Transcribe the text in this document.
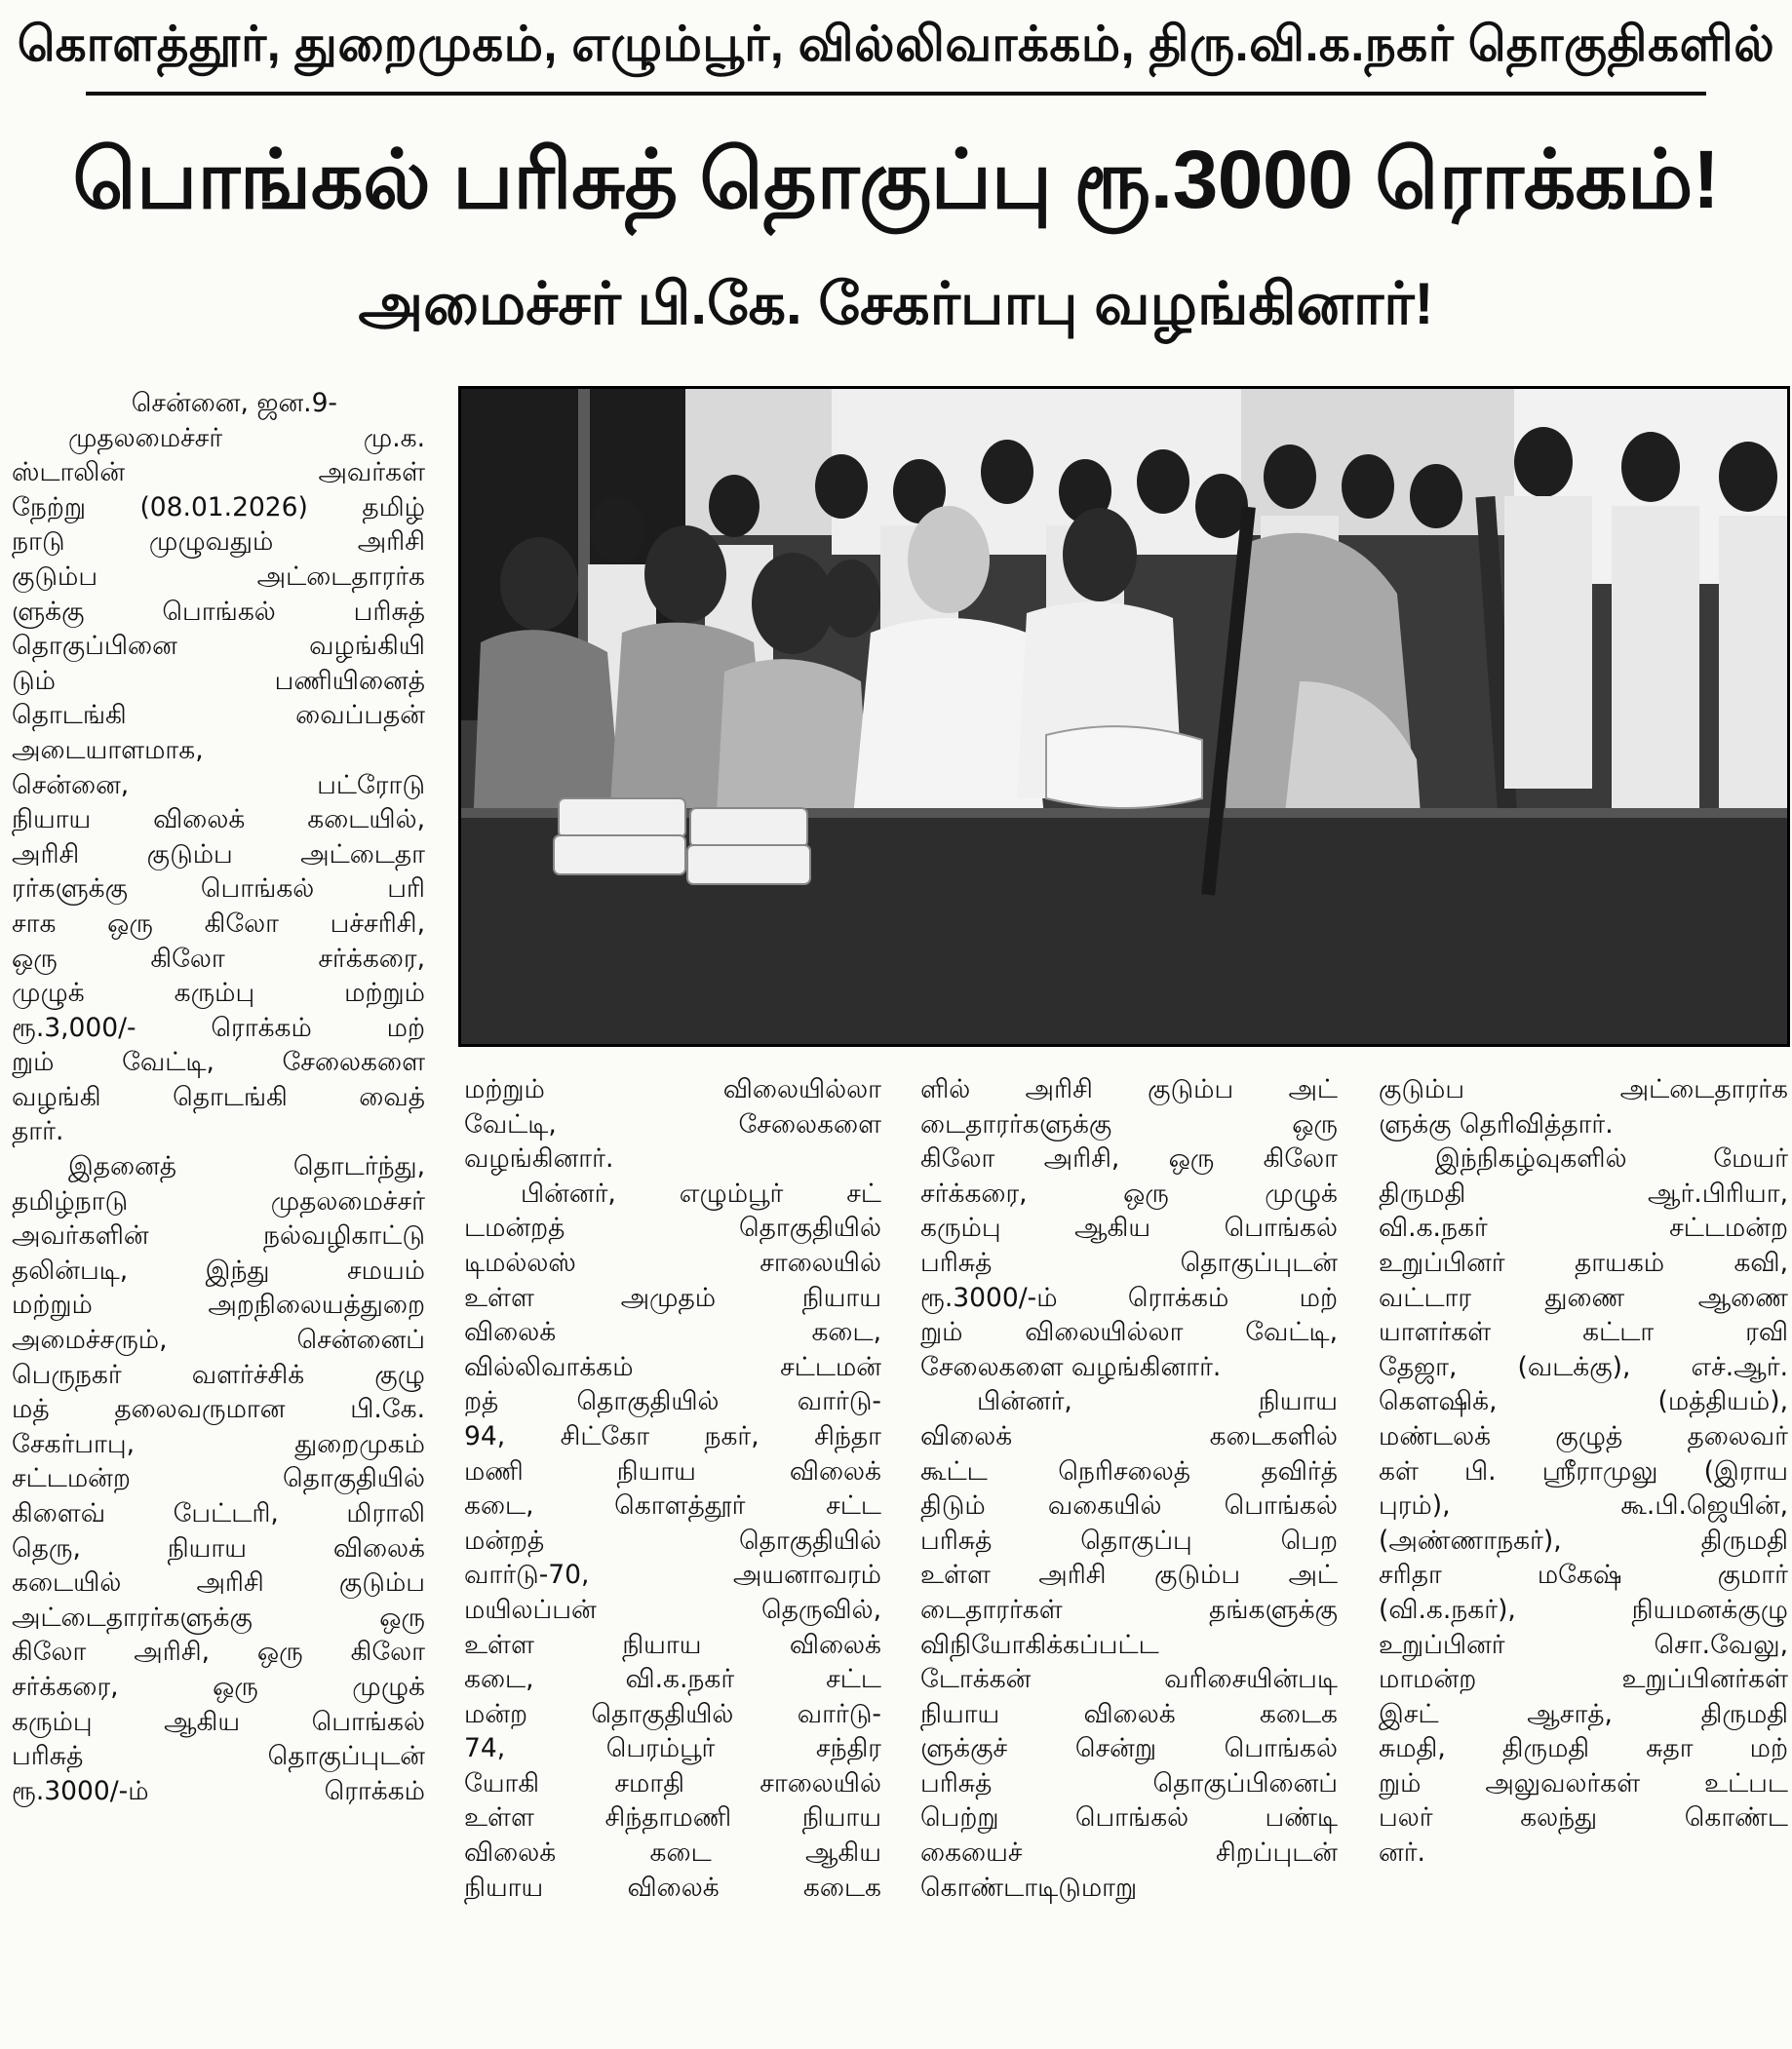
கொளத்தூர், துறைமுகம், எழும்பூர், வில்லிவாக்கம், திரு.வி.க.நகர் தொகுதிகளில்
பொங்கல் பரிசுத் தொகுப்பு ரூ.3000 ரொக்கம்!
அமைச்சர் பி.கே. சேகர்பாபு வழங்கினார்!
சென்னை, ஜன.9-
முதலமைச்சர் மு.க.
ஸ்டாலின் அவர்கள்
நேற்று (08.01.2026) தமிழ்
நாடு முழுவதும் அரிசி
குடும்ப அட்டைதாரர்க
ளுக்கு பொங்கல் பரிசுத்
தொகுப்பினை வழங்கியி
டும் பணியினைத்
தொடங்கி வைப்பதன்
அடையாளமாக,
சென்னை, பட்ரோடு
நியாய விலைக் கடையில்,
அரிசி குடும்ப அட்டைதா
ரர்களுக்கு பொங்கல் பரி
சாக ஒரு கிலோ பச்சரிசி,
ஒரு கிலோ சர்க்கரை,
முழுக் கரும்பு மற்றும்
ரூ.3,000/- ரொக்கம் மற்
றும் வேட்டி, சேலைகளை
வழங்கி தொடங்கி வைத்
தார்.
இதனைத் தொடர்ந்து,
தமிழ்நாடு முதலமைச்சர்
அவர்களின் நல்வழிகாட்டு
தலின்படி, இந்து சமயம்
மற்றும் அறநிலையத்துறை
அமைச்சரும், சென்னைப்
பெருநகர் வளர்ச்சிக் குழு
மத் தலைவருமான பி.கே.
சேகர்பாபு, துறைமுகம்
சட்டமன்ற தொகுதியில்
கிளைவ் பேட்டரி, மிராலி
தெரு, நியாய விலைக்
கடையில் அரிசி குடும்ப
அட்டைதாரர்களுக்கு ஒரு
கிலோ அரிசி, ஒரு கிலோ
சர்க்கரை, ஒரு முழுக்
கரும்பு ஆகிய பொங்கல்
பரிசுத் தொகுப்புடன்
ரூ.3000/-ம் ரொக்கம்
மற்றும் விலையில்லா
வேட்டி, சேலைகளை
வழங்கினார்.
பின்னர், எழும்பூர் சட்
டமன்றத் தொகுதியில்
டிமல்லஸ் சாலையில்
உள்ள அமுதம் நியாய
விலைக் கடை,
வில்லிவாக்கம் சட்டமன்
றத் தொகுதியில் வார்டு-
94, சிட்கோ நகர், சிந்தா
மணி நியாய விலைக்
கடை, கொளத்தூர் சட்ட
மன்றத் தொகுதியில்
வார்டு-70, அயனாவரம்
மயிலப்பன் தெருவில்,
உள்ள நியாய விலைக்
கடை, வி.க.நகர் சட்ட
மன்ற தொகுதியில் வார்டு-
74, பெரம்பூர் சந்திர
யோகி சமாதி சாலையில்
உள்ள சிந்தாமணி நியாய
விலைக் கடை ஆகிய
நியாய விலைக் கடைக
ளில் அரிசி குடும்ப அட்
டைதாரர்களுக்கு ஒரு
கிலோ அரிசி, ஒரு கிலோ
சர்க்கரை, ஒரு முழுக்
கரும்பு ஆகிய பொங்கல்
பரிசுத் தொகுப்புடன்
ரூ.3000/-ம் ரொக்கம் மற்
றும் விலையில்லா வேட்டி,
சேலைகளை வழங்கினார்.
பின்னர், நியாய
விலைக் கடைகளில்
கூட்ட நெரிசலைத் தவிர்த்
திடும் வகையில் பொங்கல்
பரிசுத் தொகுப்பு பெற
உள்ள அரிசி குடும்ப அட்
டைதாரர்கள் தங்களுக்கு
விநியோகிக்கப்பட்ட
டோக்கன் வரிசையின்படி
நியாய விலைக் கடைக
ளுக்குச் சென்று பொங்கல்
பரிசுத் தொகுப்பினைப்
பெற்று பொங்கல் பண்டி
கையைச் சிறப்புடன்
கொண்டாடிடுமாறு
குடும்ப அட்டைதாரர்க
ளுக்கு தெரிவித்தார்.
இந்நிகழ்வுகளில் மேயர்
திருமதி ஆர்.பிரியா,
வி.க.நகர் சட்டமன்ற
உறுப்பினர் தாயகம் கவி,
வட்டார துணை ஆணை
யாளர்கள் கட்டா ரவி
தேஜா, (வடக்கு), எச்.ஆர்.
கௌஷிக், (மத்தியம்),
மண்டலக் குழுத் தலைவர்
கள் பி. ஸ்ரீராமுலு (இராய
புரம்), கூ.பி.ஜெயின்,
(அண்ணாநகர்), திருமதி
சரிதா மகேஷ் குமார்
(வி.க.நகர்), நியமனக்குழு
உறுப்பினர் சொ.வேலு,
மாமன்ற உறுப்பினர்கள்
இசட் ஆசாத், திருமதி
சுமதி, திருமதி சுதா மற்
றும் அலுவலர்கள் உட்பட
பலர் கலந்து கொண்ட
னர்.
